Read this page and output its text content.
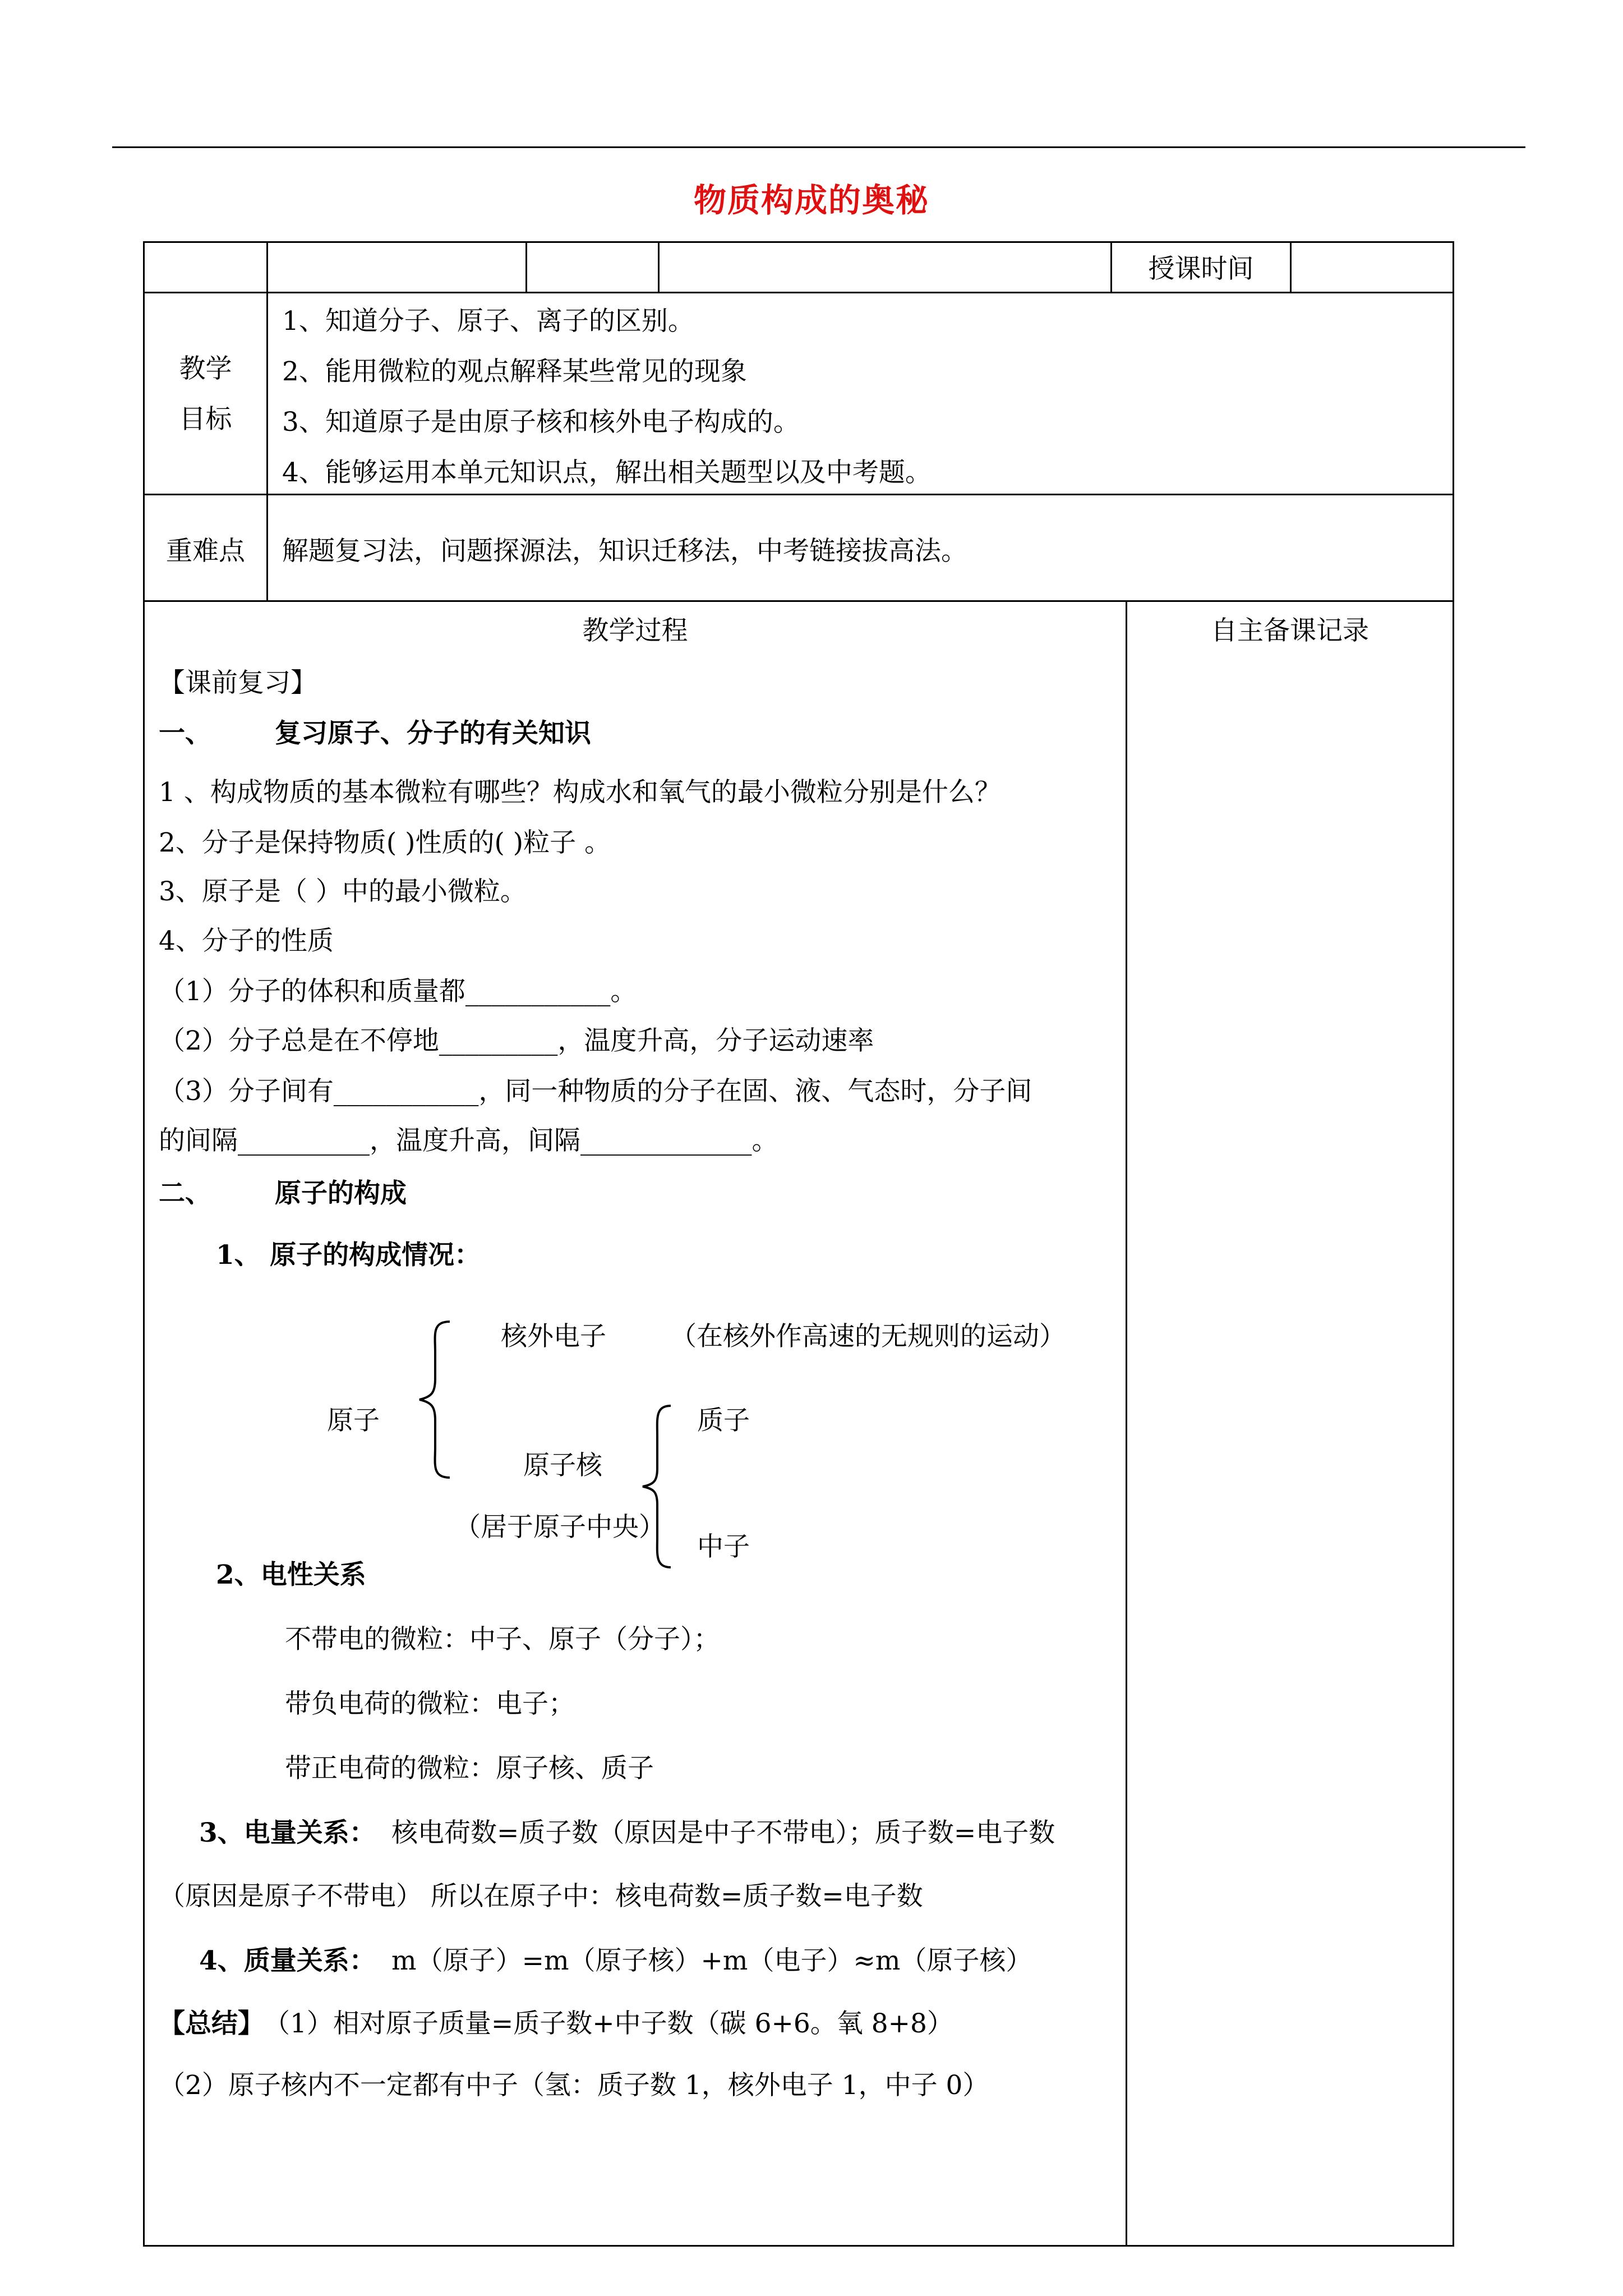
物质构成的奥秘
授课时间
教学
目标
1、知道分子、原子、离子的区别。
2、能用微粒的观点解释某些常见的现象
3、知道原子是由原子核和核外电子构成的。
4、能够运用本单元知识点，解出相关题型以及中考题。
重难点	解题复习法，问题探源法，知识迁移法，中考链接拔高法。
教学过程	自主备课记录
【课前复习】
一、 复习原子、分子的有关知识
1 、构成物质的基本微粒有哪些？构成水和氧气的最小微粒分别是什么？
2、分子是保持物质( )性质的( )粒子 。
3、原子是（ ）中的最小微粒。
4、分子的性质
（1）分子的体积和质量都___________。
（2）分子总是在不停地_________，温度升高，分子运动速率
（3）分子间有___________，同一种物质的分子在固、液、气态时，分子间
的间隔__________，温度升高，间隔_____________。
二、 原子的构成
1、 原子的构成情况：
原子
核外电子 （在核外作高速的无规则的运动）
原子核
（居于原子中央）
质子
中子
2、电性关系
不带电的微粒：中子、原子（分子）；
带负电荷的微粒：电子；
带正电荷的微粒：原子核、质子
3、电量关系： 核电荷数=质子数（原因是中子不带电）；质子数=电子数
（原因是原子不带电） 所以在原子中：核电荷数=质子数=电子数
4、质量关系： m（原子）=m（原子核）+m（电子）≈m（原子核）
【总结】 （1）相对原子质量=质子数+中子数（碳 6+6。氧 8+8）
（2）原子核内不一定都有中子（氢：质子数 1，核外电子 1，中子 0）
